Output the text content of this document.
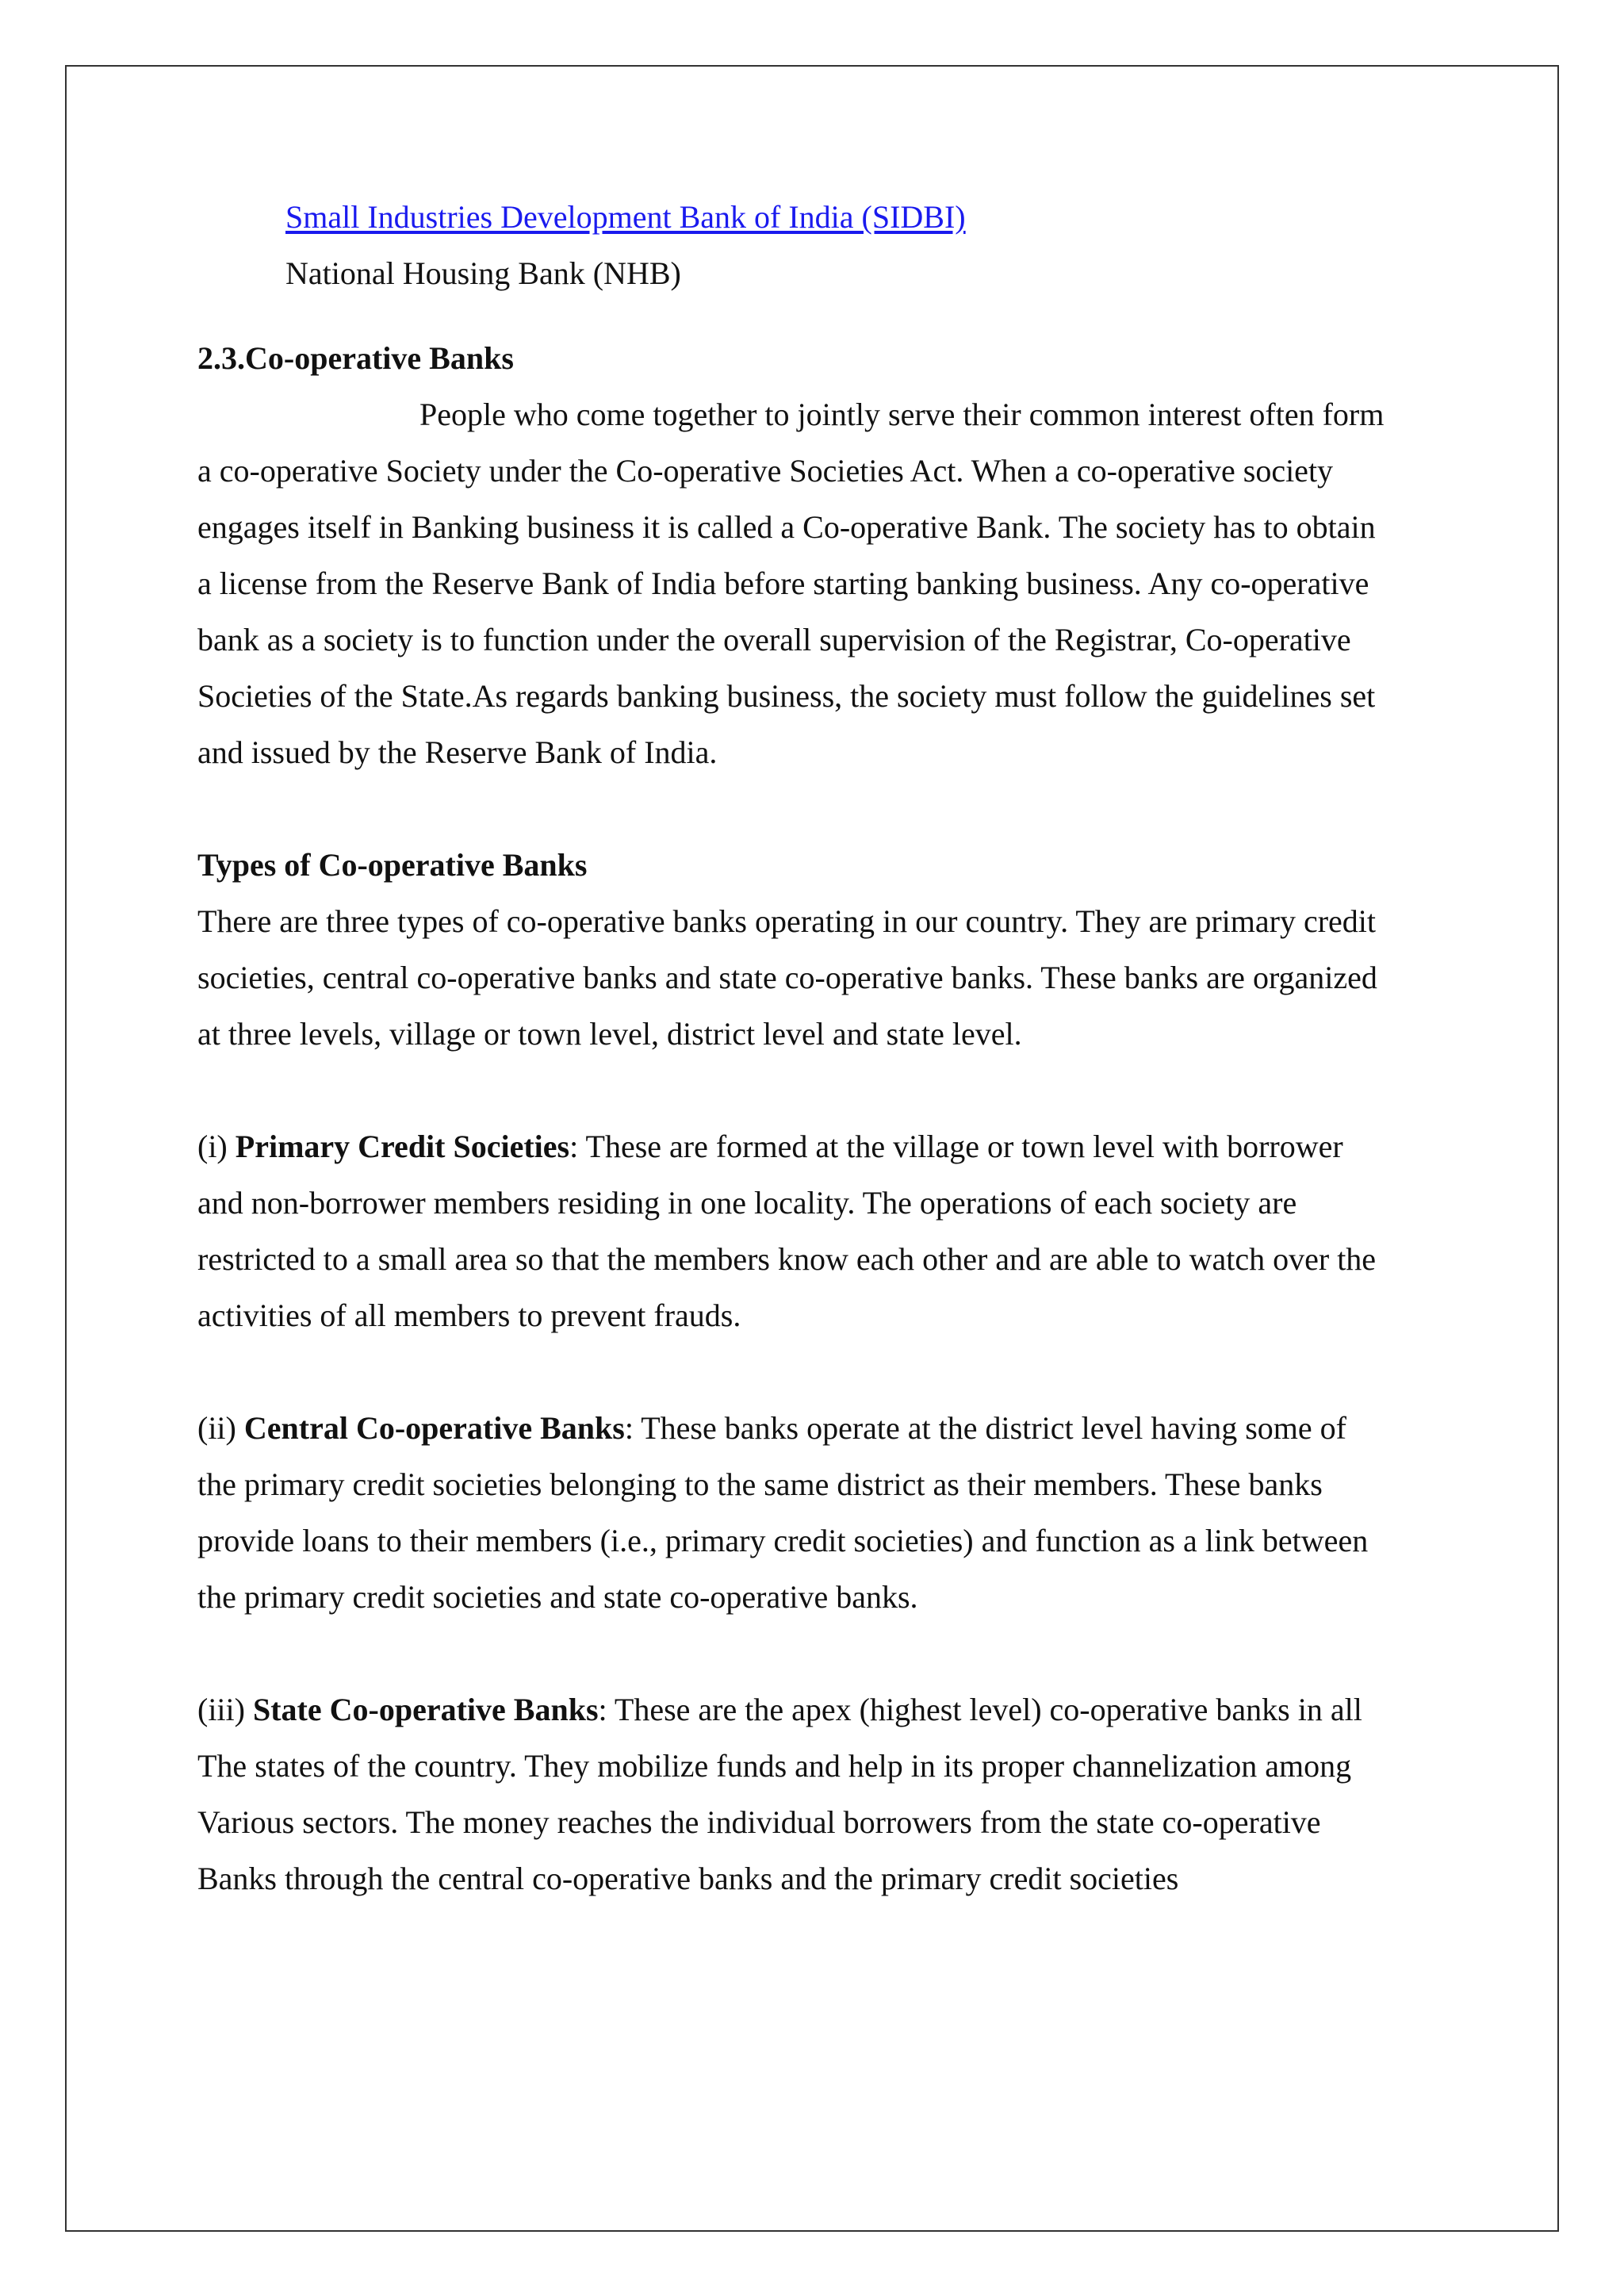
Small Industries Development Bank of India (SIDBI)
National Housing Bank (NHB)
2.3.Co-operative Banks
People who come together to jointly serve their common interest often form
a co-operative Society under the Co-operative Societies Act. When a co-operative society
engages itself in Banking business it is called a Co-operative Bank. The society has to obtain
a license from the Reserve Bank of India before starting banking business. Any co-operative
bank as a society is to function under the overall supervision of the Registrar, Co-operative
Societies of the State.As regards banking business, the society must follow the guidelines set
and issued by the Reserve Bank of India.
Types of Co-operative Banks
There are three types of co-operative banks operating in our country. They are primary credit
societies, central co-operative banks and state co-operative banks. These banks are organized
at three levels, village or town level, district level and state level.
(i) Primary Credit Societies: These are formed at the village or town level with borrower
and non-borrower members residing in one locality. The operations of each society are
restricted to a small area so that the members know each other and are able to watch over the
activities of all members to prevent frauds.
(ii) Central Co-operative Banks: These banks operate at the district level having some of
the primary credit societies belonging to the same district as their members. These banks
provide loans to their members (i.e., primary credit societies) and function as a link between
the primary credit societies and state co-operative banks.
(iii) State Co-operative Banks: These are the apex (highest level) co-operative banks in all
The states of the country. They mobilize funds and help in its proper channelization among
Various sectors. The money reaches the individual borrowers from the state co-operative
Banks through the central co-operative banks and the primary credit societies
